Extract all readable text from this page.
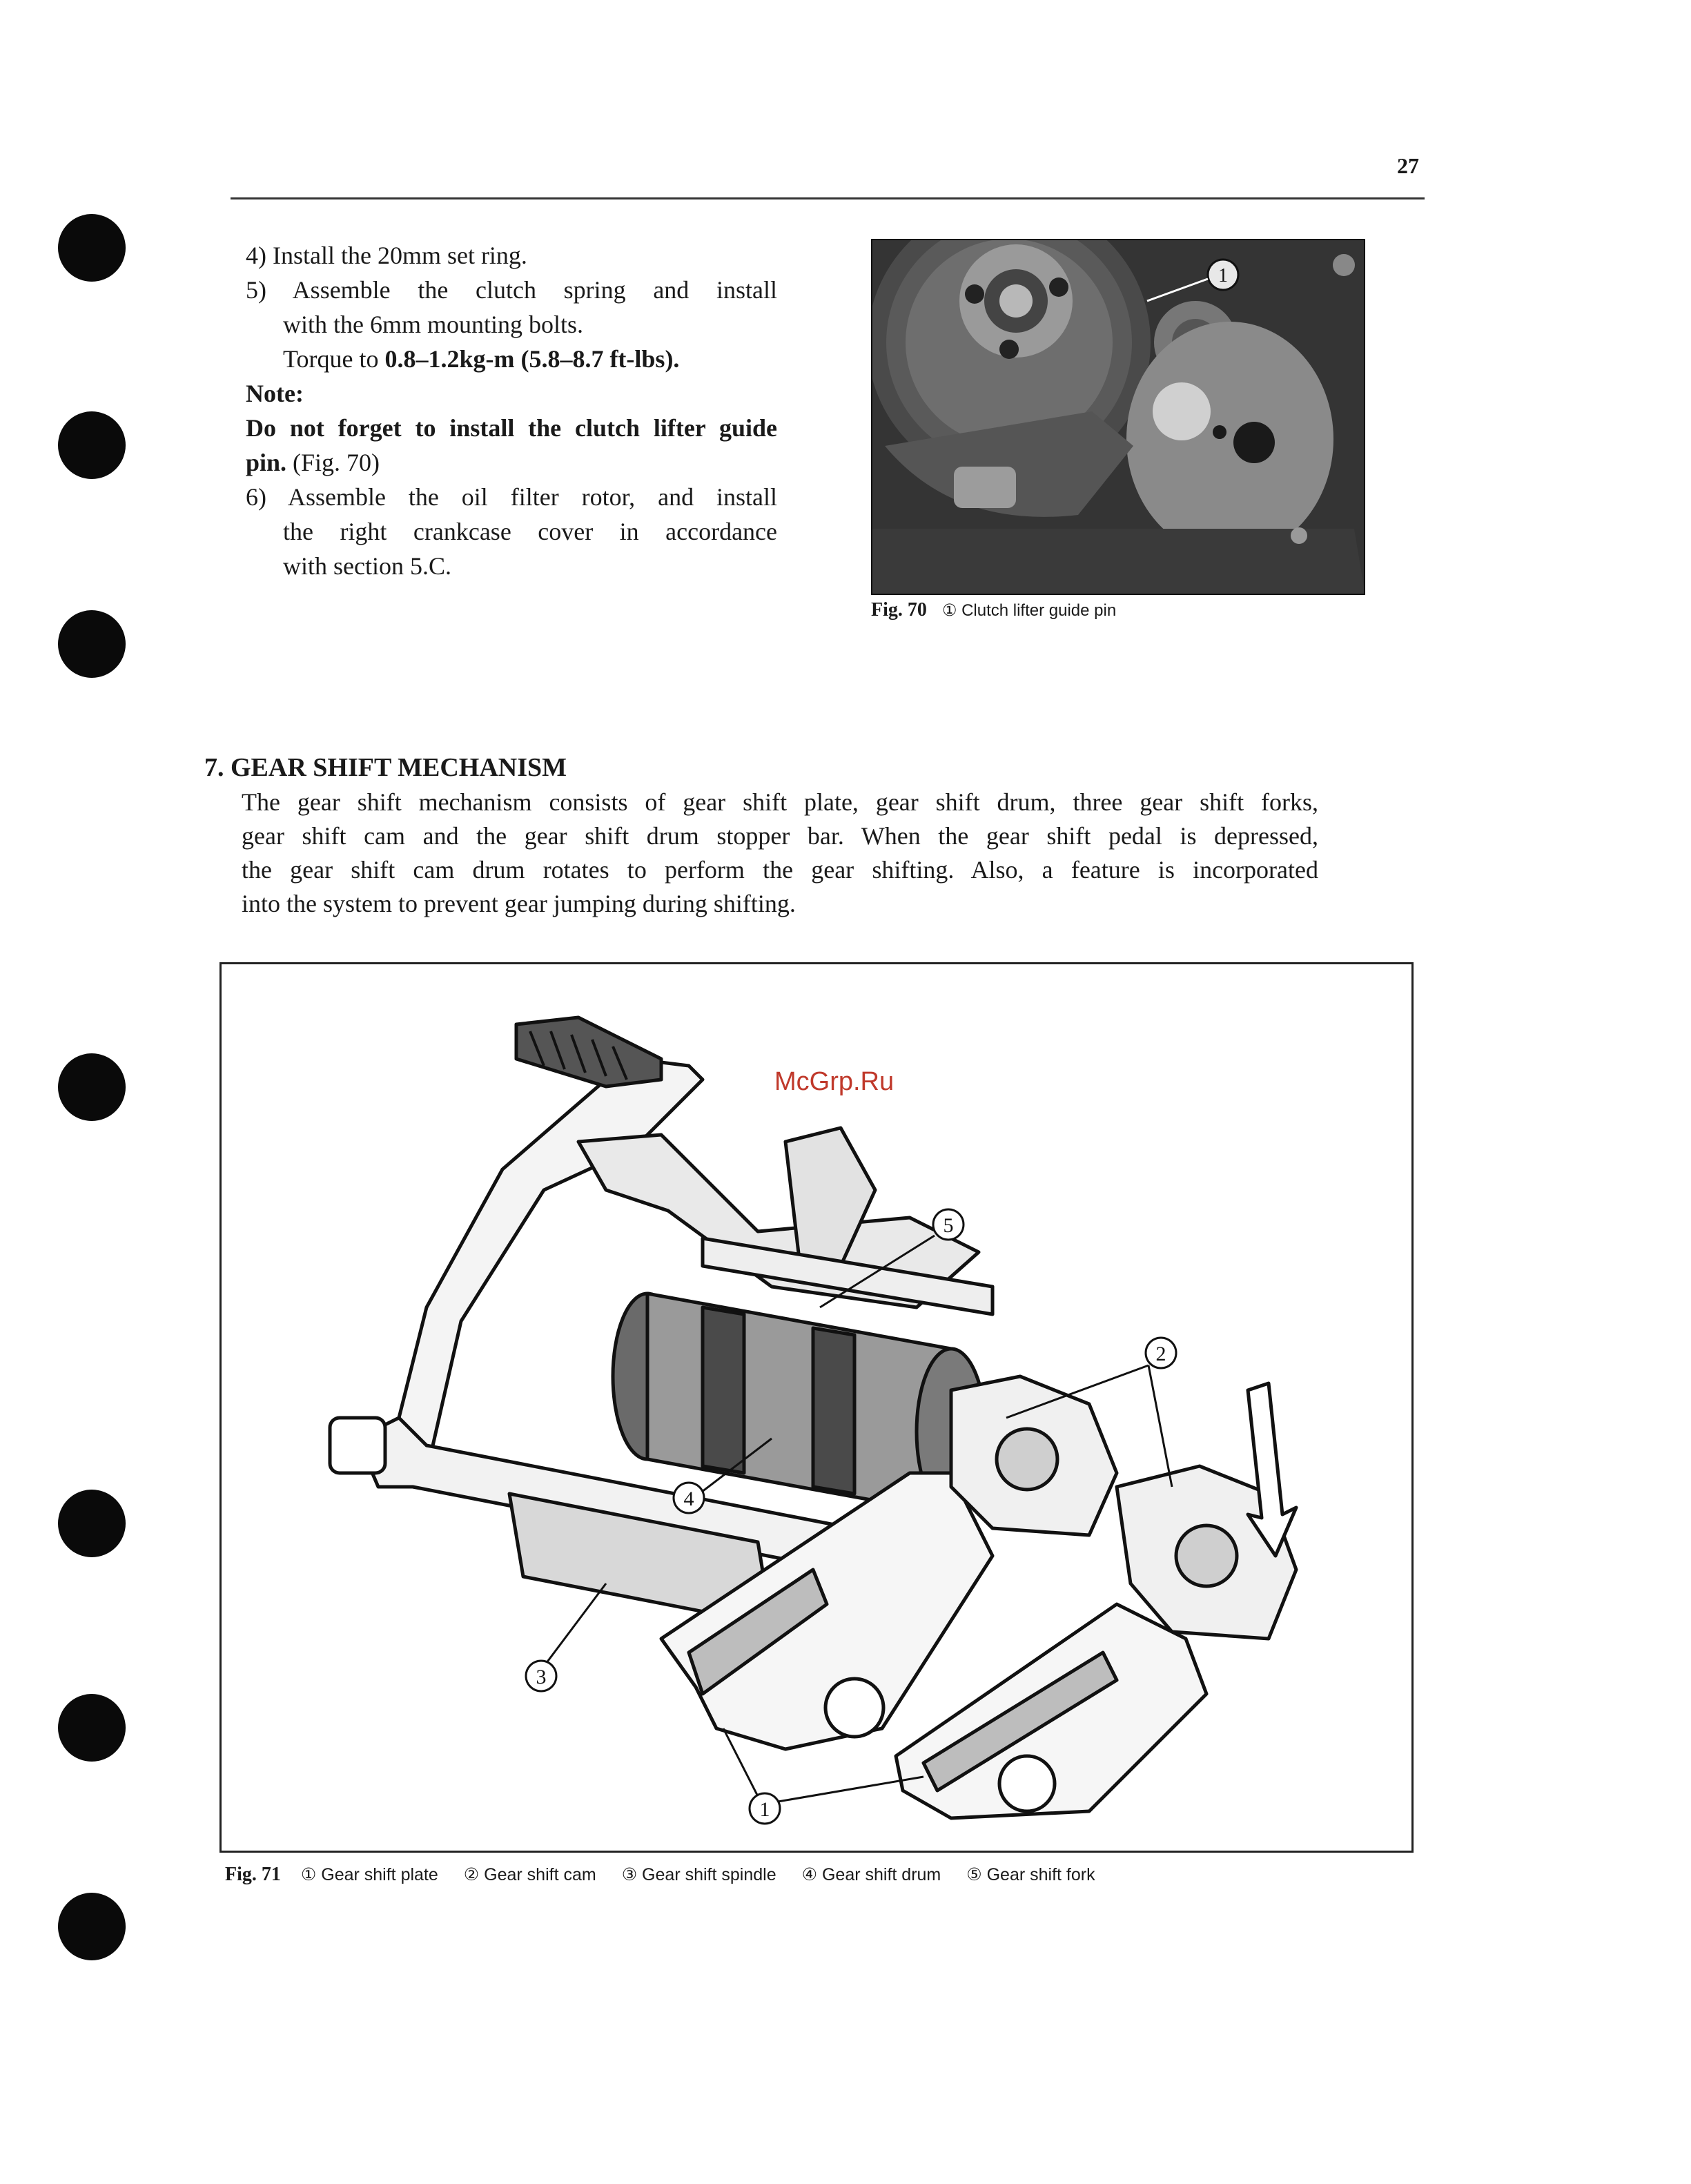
27
4) Install the 20mm set ring.
5) Assemble the clutch spring and install
with the 6mm mounting bolts.
Torque to 0.8–1.2kg-m (5.8–8.7 ft-lbs).
Note:
Do not forget to install the clutch lifter guide
pin. (Fig. 70)
6) Assemble the oil filter rotor, and install
the right crankcase cover in accordance
with section 5.C.
1
Fig. 70 ① Clutch lifter guide pin
7. GEAR SHIFT MECHANISM
The gear shift mechanism consists of gear shift plate, gear shift drum, three gear shift forks,
gear shift cam and the gear shift drum stopper bar. When the gear shift pedal is depressed,
the gear shift cam drum rotates to perform the gear shifting. Also, a feature is incorporated
into the system to prevent gear jumping during shifting.
5
2
4
3
1
McGrp.Ru
Fig. 71 ① Gear shift plate ② Gear shift cam ③ Gear shift spindle ④ Gear shift drum ⑤ Gear shift fork
